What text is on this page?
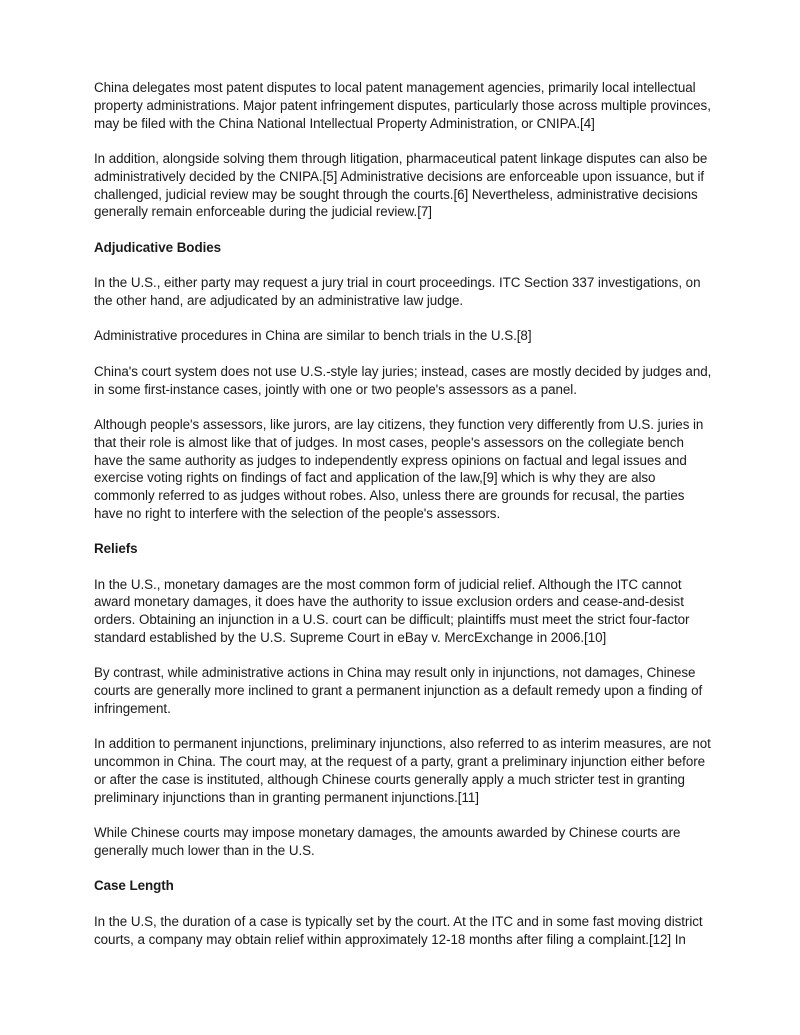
China delegates most patent disputes to local patent management agencies, primarily local intellectual property administrations. Major patent infringement disputes, particularly those across multiple provinces, may be filed with the China National Intellectual Property Administration, or CNIPA.[4]

In addition, alongside solving them through litigation, pharmaceutical patent linkage disputes can also be administratively decided by the CNIPA.[5] Administrative decisions are enforceable upon issuance, but if challenged, judicial review may be sought through the courts.[6] Nevertheless, administrative decisions generally remain enforceable during the judicial review.[7]

Adjudicative Bodies

In the U.S., either party may request a jury trial in court proceedings. ITC Section 337 investigations, on the other hand, are adjudicated by an administrative law judge.

Administrative procedures in China are similar to bench trials in the U.S.[8]

China's court system does not use U.S.-style lay juries; instead, cases are mostly decided by judges and, in some first-instance cases, jointly with one or two people's assessors as a panel.

Although people's assessors, like jurors, are lay citizens, they function very differently from U.S. juries in that their role is almost like that of judges. In most cases, people's assessors on the collegiate bench have the same authority as judges to independently express opinions on factual and legal issues and exercise voting rights on findings of fact and application of the law,[9] which is why they are also commonly referred to as judges without robes. Also, unless there are grounds for recusal, the parties have no right to interfere with the selection of the people's assessors.

Reliefs

In the U.S., monetary damages are the most common form of judicial relief. Although the ITC cannot award monetary damages, it does have the authority to issue exclusion orders and cease-and-desist orders. Obtaining an injunction in a U.S. court can be difficult; plaintiffs must meet the strict four-factor standard established by the U.S. Supreme Court in eBay v. MercExchange in 2006.[10]

By contrast, while administrative actions in China may result only in injunctions, not damages, Chinese courts are generally more inclined to grant a permanent injunction as a default remedy upon a finding of infringement.

In addition to permanent injunctions, preliminary injunctions, also referred to as interim measures, are not uncommon in China. The court may, at the request of a party, grant a preliminary injunction either before or after the case is instituted, although Chinese courts generally apply a much stricter test in granting preliminary injunctions than in granting permanent injunctions.[11]

While Chinese courts may impose monetary damages, the amounts awarded by Chinese courts are generally much lower than in the U.S.

Case Length

In the U.S, the duration of a case is typically set by the court. At the ITC and in some fast moving district courts, a company may obtain relief within approximately 12-18 months after filing a complaint.[12] In
